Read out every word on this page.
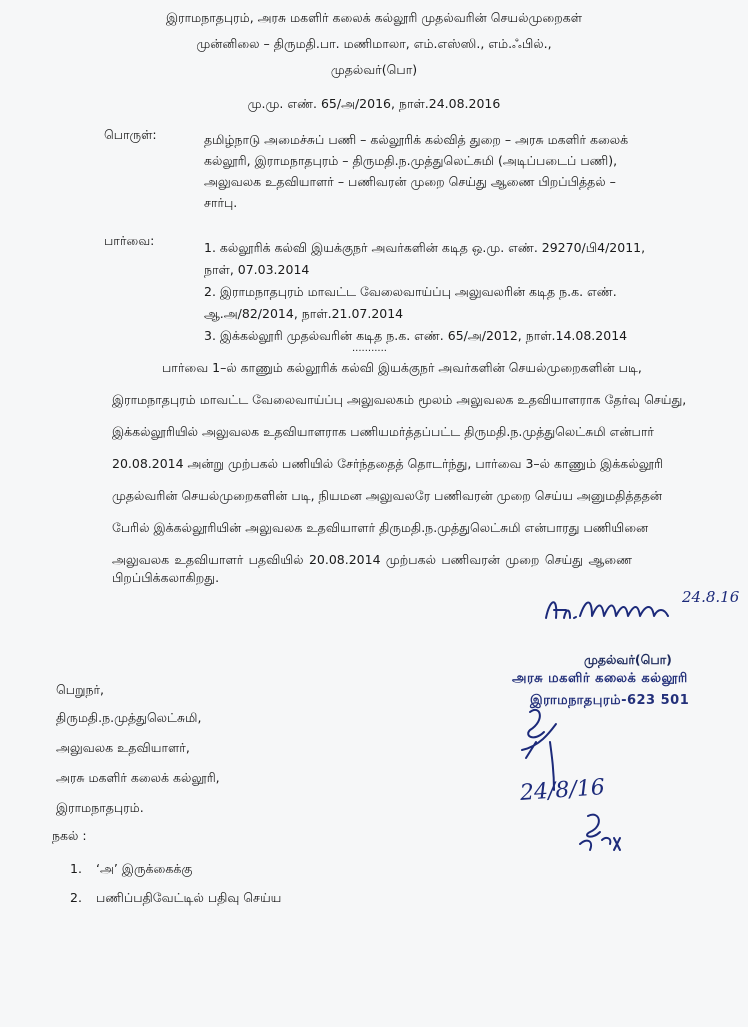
இராமநாதபுரம், அரசு மகளிர் கலைக் கல்லூரி முதல்வரின் செயல்முறைகள்
முன்னிலை – திருமதி.பா. மணிமாலா, எம்.எஸ்ஸி., எம்.ஃபில்.,
முதல்வர்(பொ)
மு.மு. எண். 65/அ/2016, நாள்.24.08.2016
பொருள்:	தமிழ்நாடு அமைச்சுப் பணி – கல்லூரிக் கல்வித் துறை – அரசு மகளிர் கலைக்
கல்லூரி, இராமநாதபுரம் – திருமதி.ந.முத்துலெட்சுமி (அடிப்படைப் பணி),
அலுவலக உதவியாளர் – பணிவரன் முறை செய்து ஆணை பிறப்பித்தல் –
சார்பு.
பார்வை:	1. கல்லூரிக் கல்வி இயக்குநர் அவர்களின் கடித ஒ.மு. எண். 29270/பி4/2011,
நாள், 07.03.2014
2. இராமநாதபுரம் மாவட்ட வேலைவாய்ப்பு அலுவலரின் கடித ந.க. எண்.
ஆ.அ/82/2014, நாள்.21.07.2014
3. இக்கல்லூரி முதல்வரின் கடித ந.க. எண். 65/அ/2012, நாள்.14.08.2014
...........
பார்வை 1–ல் காணும் கல்லூரிக் கல்வி இயக்குநர் அவர்களின் செயல்முறைகளின் படி,
இராமநாதபுரம் மாவட்ட வேலைவாய்ப்பு அலுவலகம் மூலம் அலுவலக உதவியாளராக தேர்வு செய்து,
இக்கல்லூரியில் அலுவலக உதவியாளராக பணியமர்த்தப்பட்ட திருமதி.ந.முத்துலெட்சுமி என்பார்
20.08.2014 அன்று முற்பகல் பணியில் சேர்ந்ததைத் தொடர்ந்து, பார்வை 3–ல் காணும் இக்கல்லூரி
முதல்வரின் செயல்முறைகளின் படி, நியமன அலுவலரே பணிவரன் முறை செய்ய அனுமதித்ததன்
பேரில் இக்கல்லூரியின் அலுவலக உதவியாளர் திருமதி.ந.முத்துலெட்சுமி என்பாரது பணியினை
அலுவலக உதவியாளர் பதவியில் 20.08.2014 முற்பகல் பணிவரன் முறை செய்து ஆணை
பிறப்பிக்கலாகிறது.
24.8.16
முதல்வர்(பொ)
அரசு மகளிர் கலைக் கல்லூரி
இராமநாதபுரம்-623 501
பெறுநர்,
திருமதி.ந.முத்துலெட்சுமி,
அலுவலக உதவியாளர்,
அரசு மகளிர் கலைக் கல்லூரி,
இராமநாதபுரம்.
24/8/16
நகல் :
1. ‘அ’ இருக்கைக்கு
2. பணிப்பதிவேட்டில் பதிவு செய்ய
